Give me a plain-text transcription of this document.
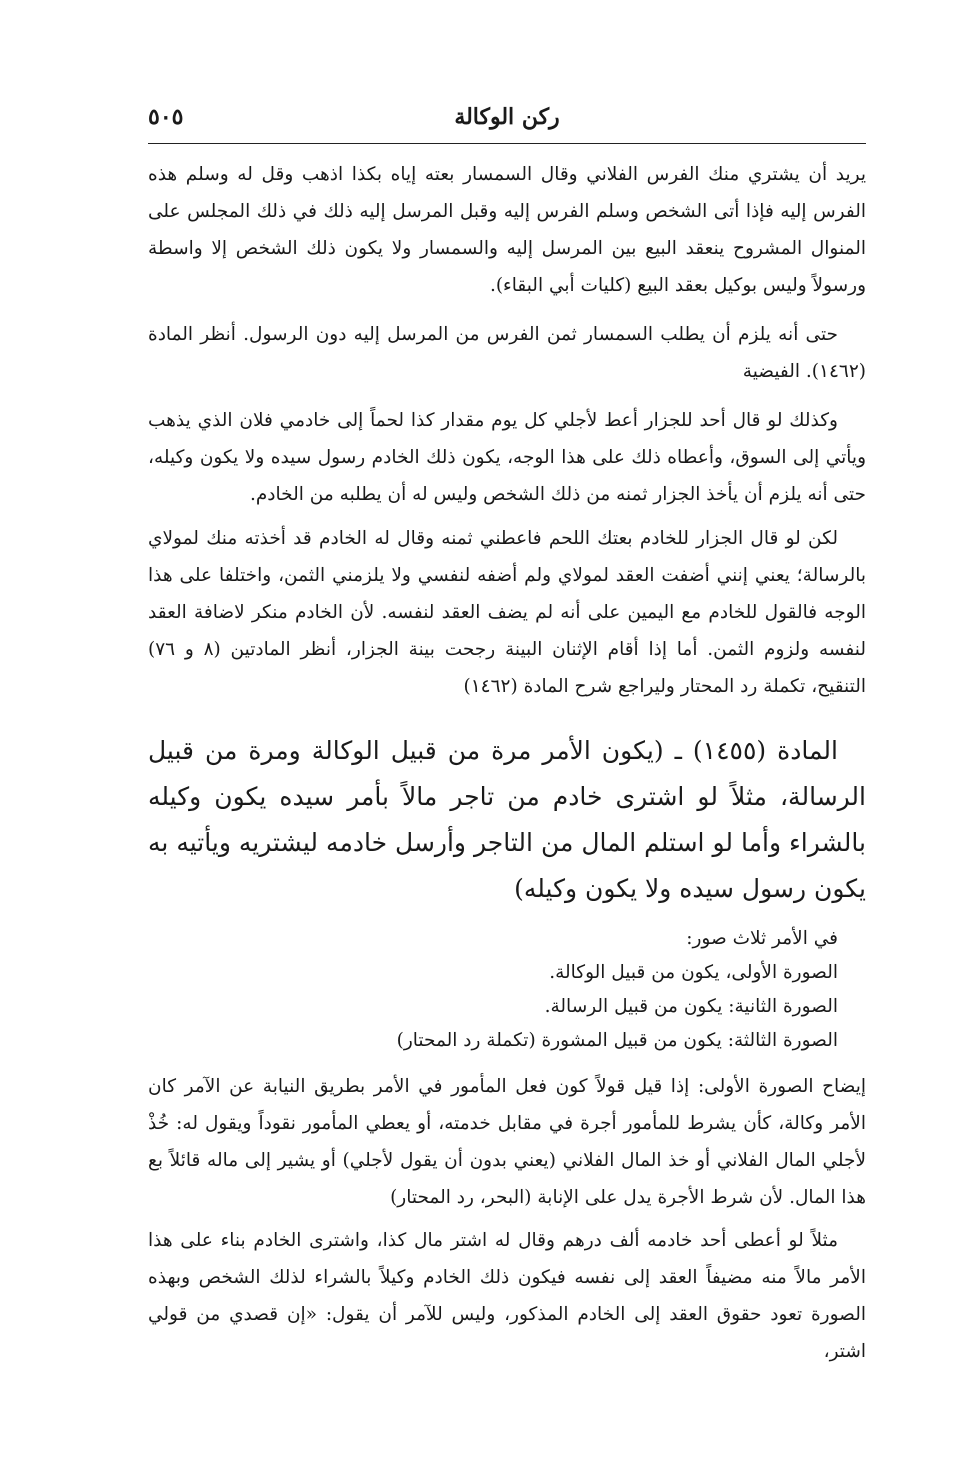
ركن الوكالة
٥٠٥

يريد أن يشتري منك الفرس الفلاني وقال السمسار بعته إياه بكذا اذهب وقل له وسلم هذه الفرس إليه فإذا أتى الشخص وسلم الفرس إليه وقبل المرسل إليه ذلك في ذلك المجلس على المنوال المشروح ينعقد البيع بين المرسل إليه والسمسار ولا يكون ذلك الشخص إلا واسطة ورسولاً وليس بوكيل بعقد البيع (كليات أبي البقاء).

حتى أنه يلزم أن يطلب السمسار ثمن الفرس من المرسل إليه دون الرسول. أنظر المادة (١٤٦٢). الفيضية

وكذلك لو قال أحد للجزار أعط لأجلي كل يوم مقدار كذا لحماً إلى خادمي فلان الذي يذهب ويأتي إلى السوق، وأعطاه ذلك على هذا الوجه، يكون ذلك الخادم رسول سيده ولا يكون وكيله، حتى أنه يلزم أن يأخذ الجزار ثمنه من ذلك الشخص وليس له أن يطلبه من الخادم.

لكن لو قال الجزار للخادم بعتك اللحم فاعطني ثمنه وقال له الخادم قد أخذته منك لمولاي بالرسالة؛ يعني إنني أضفت العقد لمولاي ولم أضفه لنفسي ولا يلزمني الثمن، واختلفا على هذا الوجه فالقول للخادم مع اليمين على أنه لم يضف العقد لنفسه. لأن الخادم منكر لاضافة العقد لنفسه ولزوم الثمن. أما إذا أقام الإثنان البينة رجحت بينة الجزار، أنظر المادتين (٨ و ٧٦) التنقيح، تكملة رد المحتار وليراجع شرح المادة (١٤٦٢)

المادة (١٤٥٥) ـ (يكون الأمر مرة من قبيل الوكالة ومرة من قبيل الرسالة، مثلاً لو اشترى خادم من تاجر مالاً بأمر سيده يكون وكيله بالشراء وأما لو استلم المال من التاجر وأرسل خادمه ليشتريه ويأتيه به يكون رسول سيده ولا يكون وكيله)

في الأمر ثلاث صور:

الصورة الأولى، يكون من قبيل الوكالة.

الصورة الثانية: يكون من قبيل الرسالة.

الصورة الثالثة: يكون من قبيل المشورة (تكملة رد المحتار)

إيضاح الصورة الأولى: إذا قيل قولاً كون فعل المأمور في الأمر بطريق النيابة عن الآمر كان الأمر وكالة، كأن يشرط للمأمور أجرة في مقابل خدمته، أو يعطي المأمور نقوداً ويقول له: خُذْ لأجلي المال الفلاني أو خذ المال الفلاني (يعني بدون أن يقول لأجلي) أو يشير إلى ماله قائلاً بع هذا المال. لأن شرط الأجرة يدل على الإنابة (البحر، رد المحتار)

مثلاً لو أعطى أحد خادمه ألف درهم وقال له اشتر مال كذا، واشترى الخادم بناء على هذا الأمر مالاً منه مضيفاً العقد إلى نفسه فيكون ذلك الخادم وكيلاً بالشراء لذلك الشخص وبهذه الصورة تعود حقوق العقد إلى الخادم المذكور، وليس للآمر أن يقول: «إن قصدي من قولي اشتر،
